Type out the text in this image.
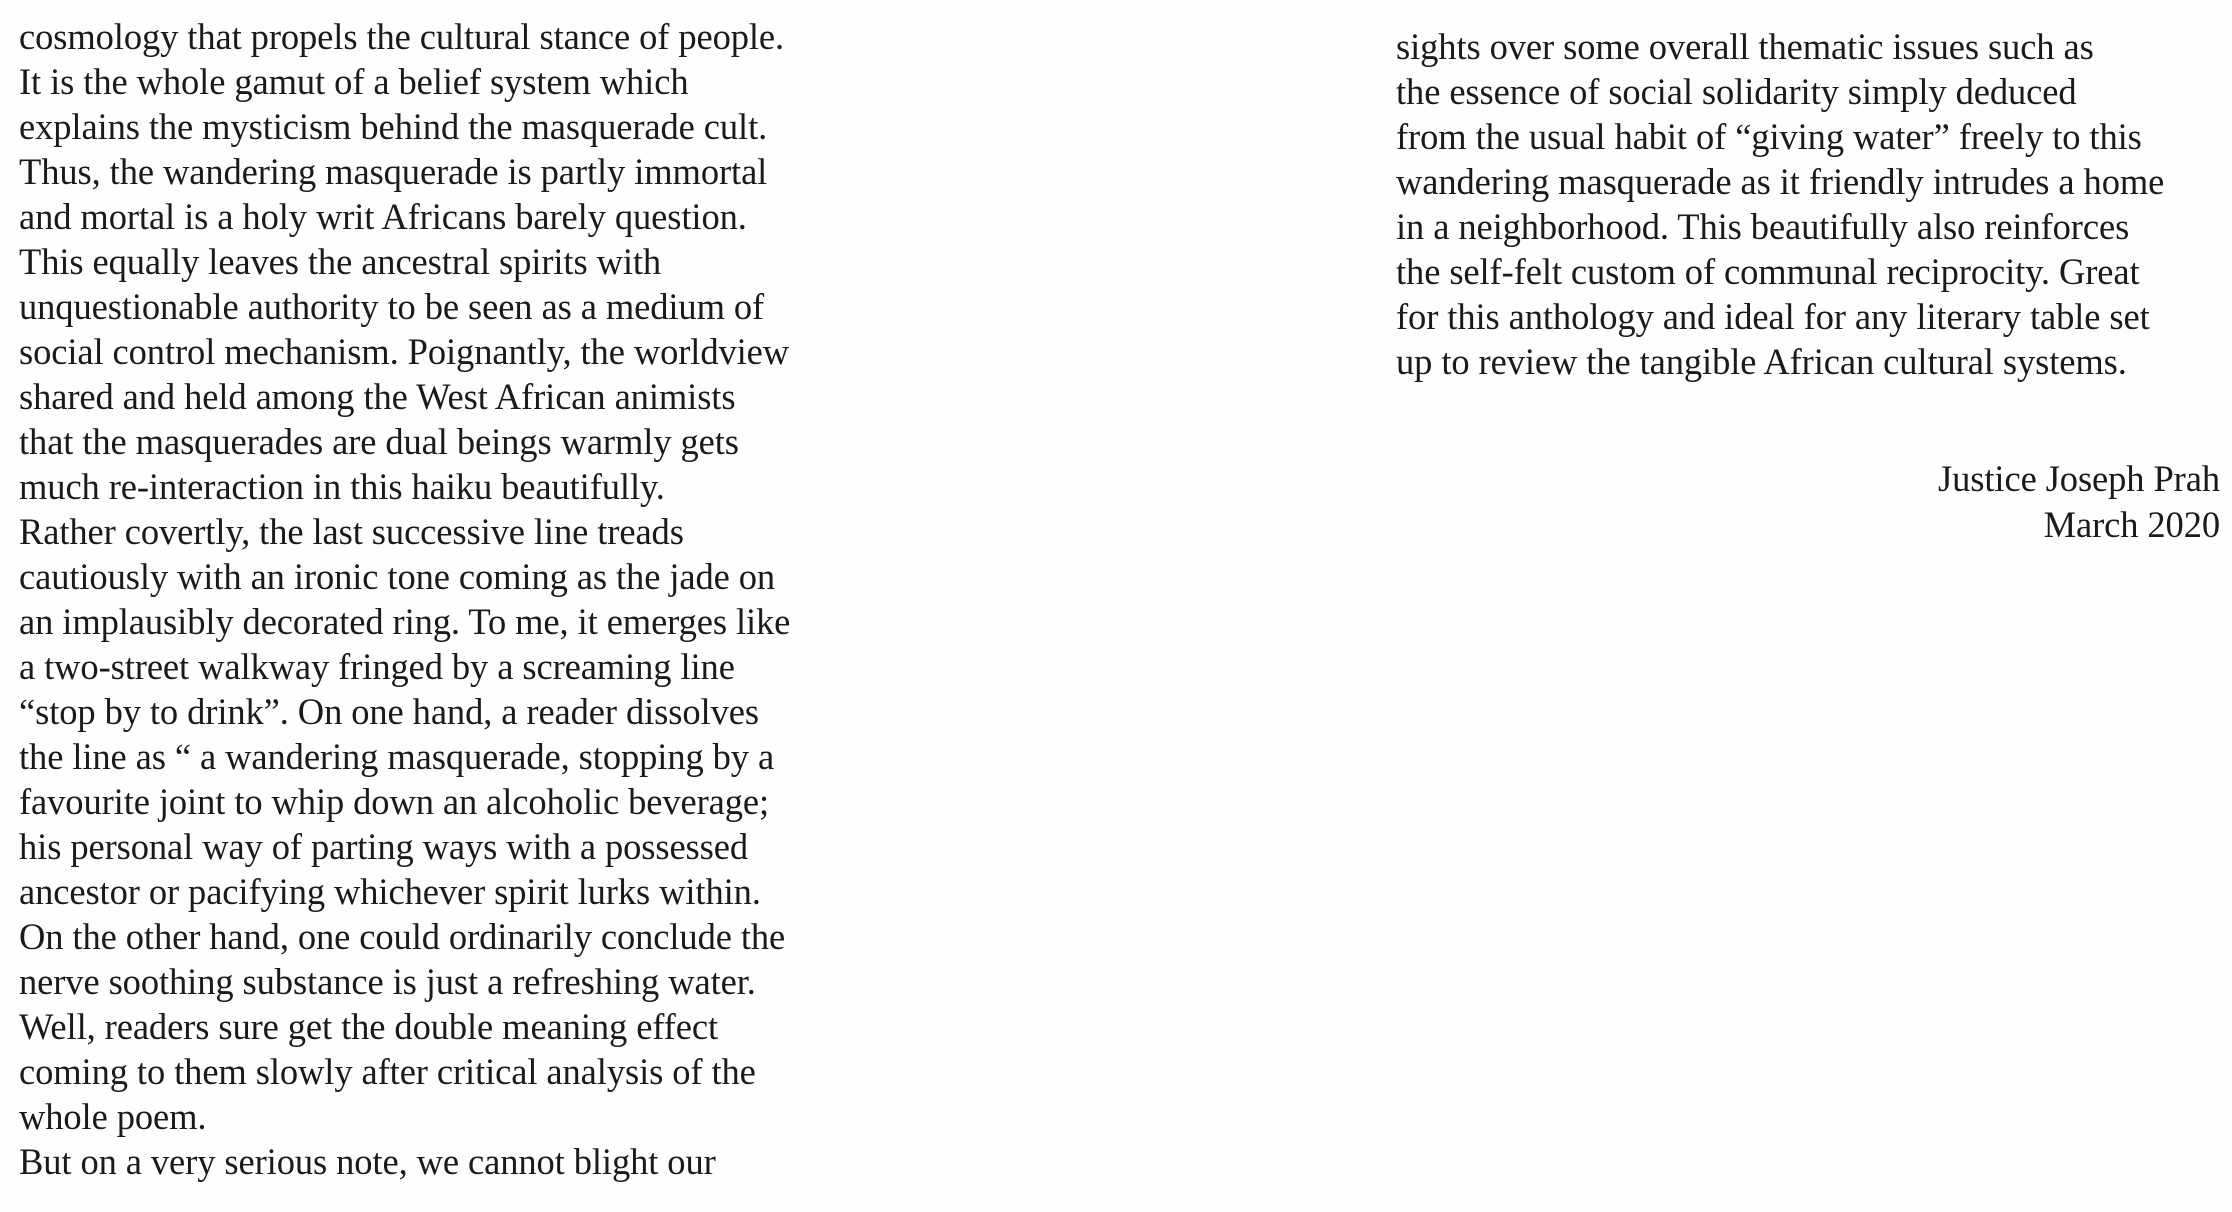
cosmology that propels the cultural stance of people.
It is the whole gamut of a belief system which
explains the mysticism behind the masquerade cult.
Thus, the wandering masquerade is partly immortal
and mortal is a holy writ Africans barely question.
This equally leaves the ancestral spirits with
unquestionable authority to be seen as a medium of
social control mechanism. Poignantly, the worldview
shared and held among the West African animists
that the masquerades are dual beings warmly gets
much re-interaction in this haiku beautifully.
Rather covertly, the last successive line treads
cautiously with an ironic tone coming as the jade on
an implausibly decorated ring. To me, it emerges like
a two-street walkway fringed by a screaming line
“stop by to drink”. On one hand, a reader dissolves
the line as “ a wandering masquerade, stopping by a
favourite joint to whip down an alcoholic beverage;
his personal way of parting ways with a possessed
ancestor or pacifying whichever spirit lurks within.
On the other hand, one could ordinarily conclude the
nerve soothing substance is just a refreshing water.
Well, readers sure get the double meaning effect
coming to them slowly after critical analysis of the
whole poem.
But on a very serious note, we cannot blight our
sights over some overall thematic issues such as
the essence of social solidarity simply deduced
from the usual habit of “giving water” freely to this
wandering masquerade as it friendly intrudes a home
in a neighborhood. This beautifully also reinforces
the self-felt custom of communal reciprocity. Great
for this anthology and ideal for any literary table set
up to review the tangible African cultural systems.
Justice Joseph Prah
March 2020
